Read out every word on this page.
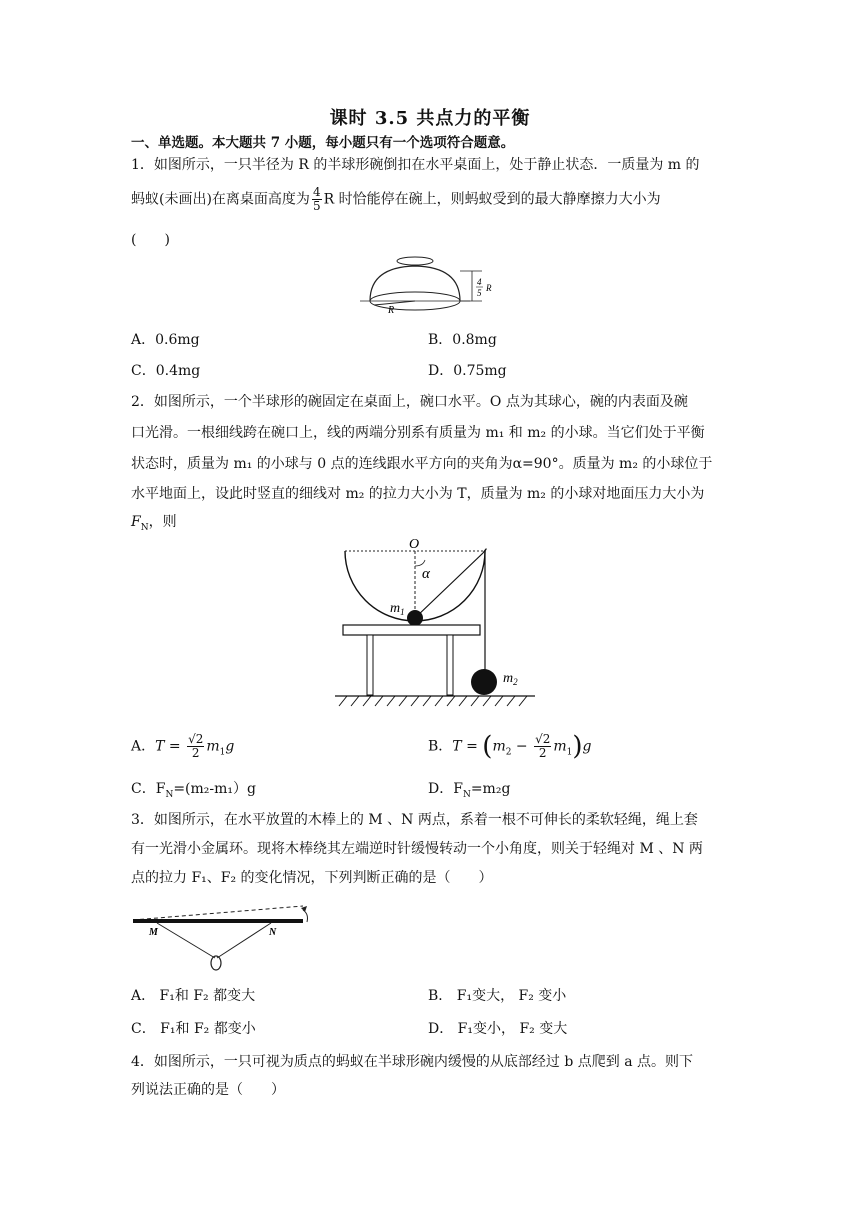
课时 3.5 共点力的平衡
一、单选题。本大题共 7 小题，每小题只有一个选项符合题意。
1．如图所示，一只半径为 R 的半球形碗倒扣在水平桌面上，处于静止状态．一质量为 m 的
蚂蚁(未画出)在离桌面高度为 $\frac{4}{5}$ R 时恰能停在碗上，则蚂蚁受到的最大静摩擦力大小为
(　　)
4
5 R
R
A．0.6mg	B．0.8mg
C．0.4mg	D．0.75mg
2．如图所示，一个半球形的碗固定在桌面上，碗口水平。O 点为其球心，碗的内表面及碗
口光滑。一根细线跨在碗口上，线的两端分别系有质量为 m₁ 和 m₂ 的小球。当它们处于平衡
状态时，质量为 m₁ 的小球与 0 点的连线跟水平方向的夹角为α=90°。质量为 m₂ 的小球位于
水平地面上，设此时竖直的细线对 m₂ 的拉力大小为 T，质量为 m₂ 的小球对地面压力大小为
$F_N$，则
O
α
$m_1$
$m_2$
A．$T = \frac{√2}{2} m_1g$	B．$T = (m_2 - \frac{√2}{2} m_1)g$
C．$F_N=(m_2-m_1)g$	D．$F_N=m_2g$
3．如图所示，在水平放置的木棒上的 M 、N 两点，系着一根不可伸长的柔软轻绳，绳上套
有一光滑小金属环。现将木棒绕其左端逆时针缓慢转动一个小角度，则关于轻绳对 M 、N 两
点的拉力 F₁、F₂ 的变化情况，下列判断正确的是（　　）
M	N
A． F₁和 F₂ 都变大	B． F₁变大， F₂ 变小
C． F₁和 F₂ 都变小	D． F₁变小， F₂ 变大
4．如图所示，一只可视为质点的蚂蚁在半球形碗内缓慢的从底部经过 b 点爬到 a 点。则下
列说法正确的是（　　）
